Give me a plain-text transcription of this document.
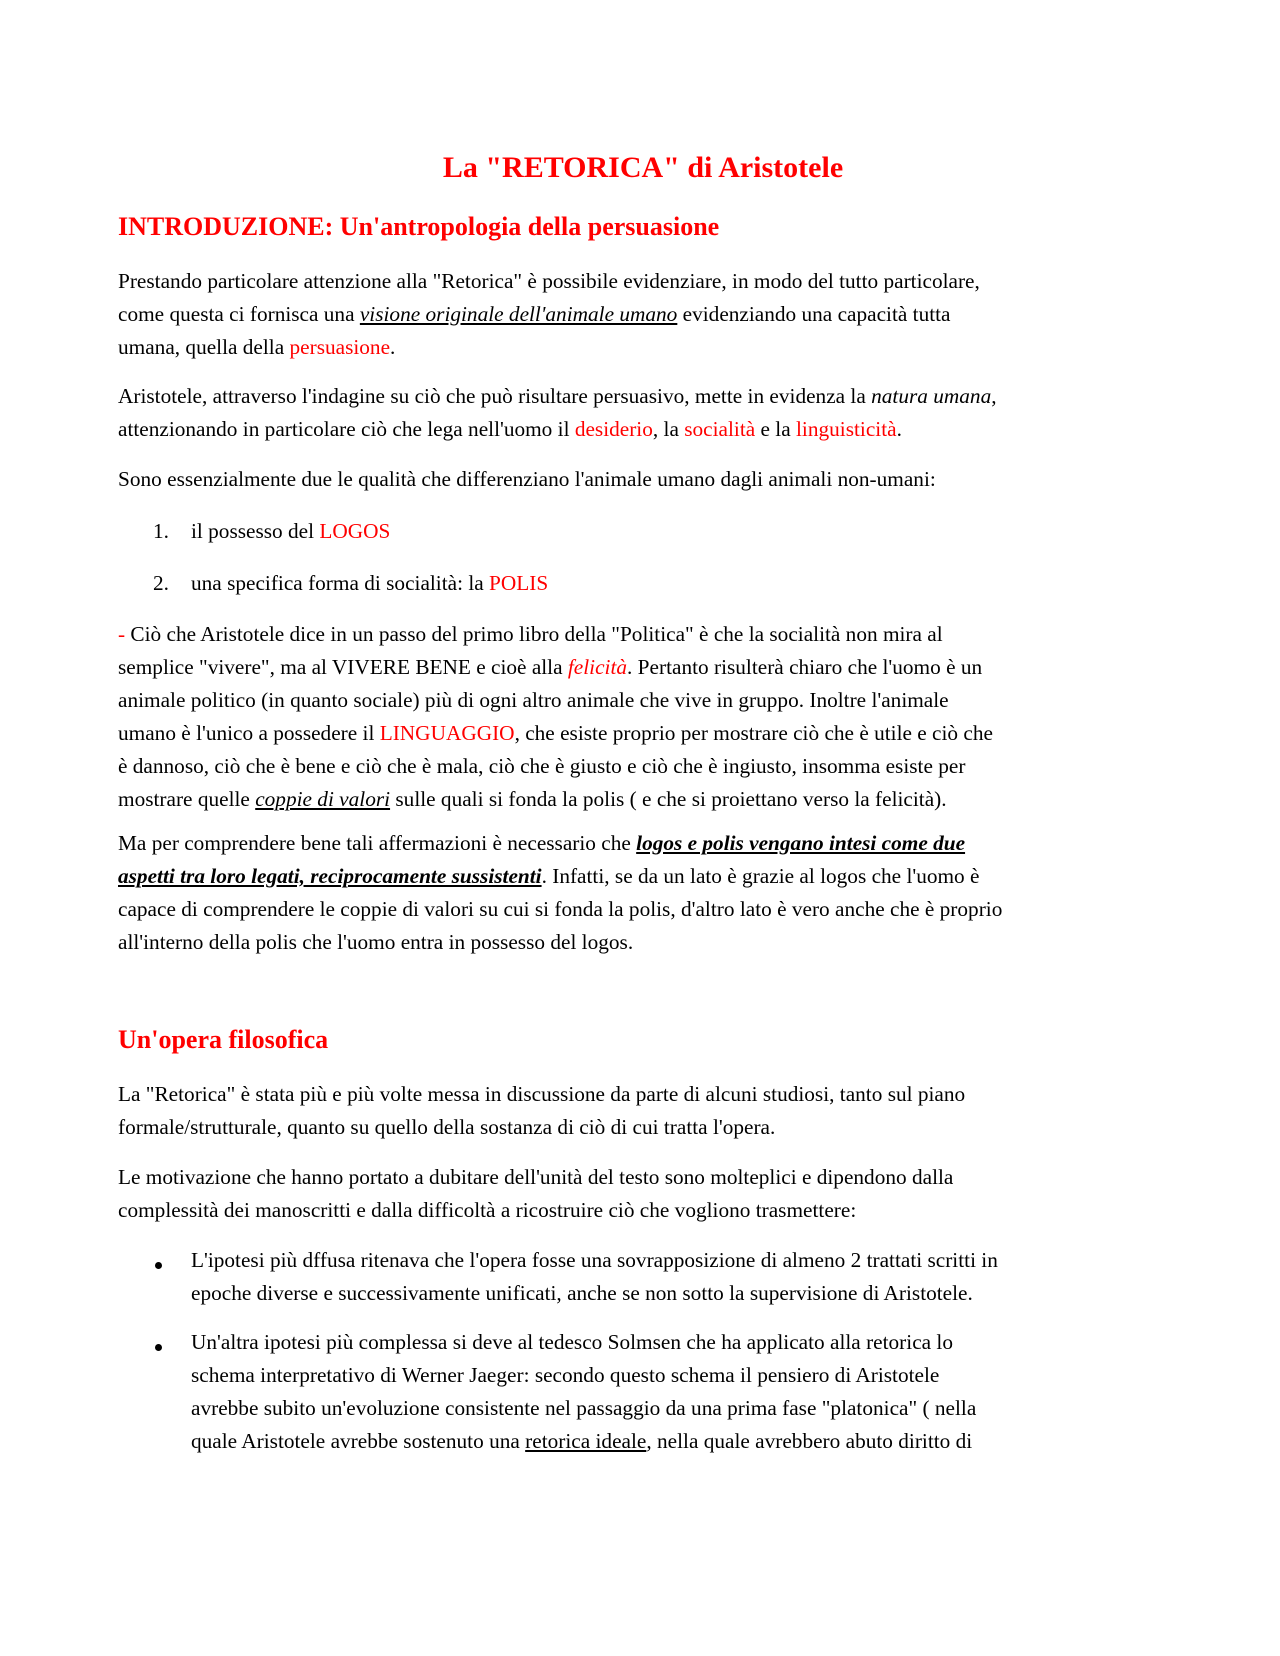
La "RETORICA" di Aristotele
INTRODUZIONE: Un'antropologia della persuasione

Prestando particolare attenzione alla "Retorica" è possibile evidenziare, in modo del tutto particolare,
come questa ci fornisca una visione originale dell'animale umano evidenziando una capacità tutta
umana, quella della persuasione.

Aristotele, attraverso l'indagine su ciò che può risultare persuasivo, mette in evidenza la natura umana,
attenzionando in particolare ciò che lega nell'uomo il desiderio, la socialità e la linguisticità.

Sono essenzialmente due le qualità che differenziano l'animale umano dagli animali non-umani:

1. il possesso del LOGOS
2. una specifica forma di socialità: la POLIS

- Ciò che Aristotele dice in un passo del primo libro della "Politica" è che la socialità non mira al
semplice "vivere", ma al VIVERE BENE e cioè alla felicità. Pertanto risulterà chiaro che l'uomo è un
animale politico (in quanto sociale) più di ogni altro animale che vive in gruppo. Inoltre l'animale
umano è l'unico a possedere il LINGUAGGIO, che esiste proprio per mostrare ciò che è utile e ciò che
è dannoso, ciò che è bene e ciò che è mala, ciò che è giusto e ciò che è ingiusto, insomma esiste per
mostrare quelle coppie di valori sulle quali si fonda la polis ( e che si proiettano verso la felicità).

Ma per comprendere bene tali affermazioni è necessario che logos e polis vengano intesi come due
aspetti tra loro legati, reciprocamente sussistenti. Infatti, se da un lato è grazie al logos che l'uomo è
capace di comprendere le coppie di valori su cui si fonda la polis, d'altro lato è vero anche che è proprio
all'interno della polis che l'uomo entra in possesso del logos.

Un'opera filosofica

La "Retorica" è stata più e più volte messa in discussione da parte di alcuni studiosi, tanto sul piano
formale/strutturale, quanto su quello della sostanza di ciò di cui tratta l'opera.

Le motivazione che hanno portato a dubitare dell'unità del testo sono molteplici e dipendono dalla
complessità dei manoscritti e dalla difficoltà a ricostruire ciò che vogliono trasmettere:

L'ipotesi più dffusa ritenava che l'opera fosse una sovrapposizione di almeno 2 trattati scritti in
epoche diverse e successivamente unificati, anche se non sotto la supervisione di Aristotele.

Un'altra ipotesi più complessa si deve al tedesco Solmsen che ha applicato alla retorica lo
schema interpretativo di Werner Jaeger: secondo questo schema il pensiero di Aristotele
avrebbe subito un'evoluzione consistente nel passaggio da una prima fase "platonica" ( nella
quale Aristotele avrebbe sostenuto una retorica ideale, nella quale avrebbero abuto diritto di
